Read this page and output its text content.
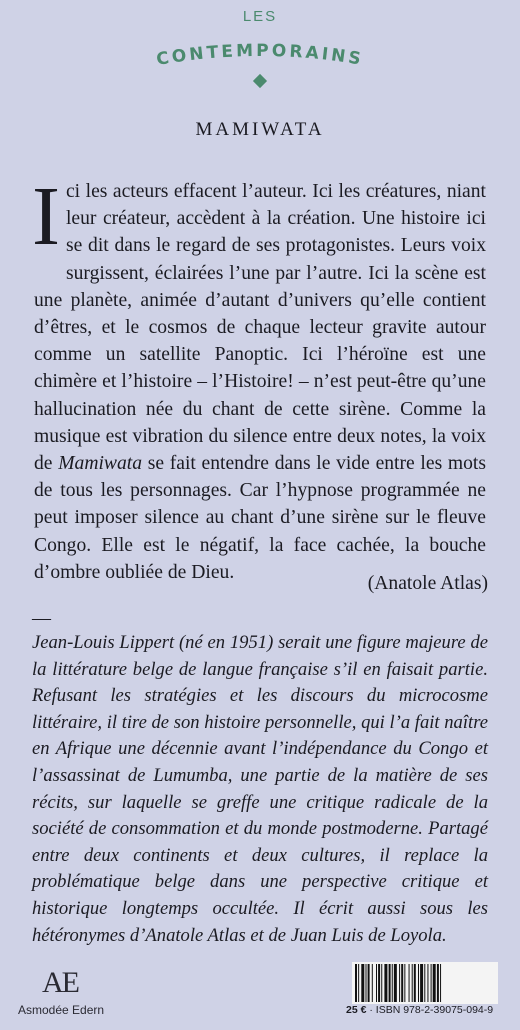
LES
CONTEMPORAINS
MAMIWATA

Ici les acteurs effacent l’auteur. Ici les créatures, niant leur créateur, accèdent à la création. Une histoire ici se dit dans le regard de ses protagonistes. Leurs voix surgissent, éclairées l’une par l’autre. Ici la scène est une planète, animée d’autant d’univers qu’elle contient d’êtres, et le cosmos de chaque lecteur gravite autour comme un satellite Panoptic. Ici l’héroïne est une chimère et l’histoire – l’Histoire! – n’est peut-être qu’une hallucination née du chant de cette sirène. Comme la musique est vibration du silence entre deux notes, la voix de Mamiwata se fait entendre dans le vide entre les mots de tous les personnages. Car l’hypnose programmée ne peut imposer silence au chant d’une sirène sur le fleuve Congo. Elle est le négatif, la face cachée, la bouche d’ombre oubliée de Dieu.

(Anatole Atlas)
—

Jean-Louis Lippert (né en 1951) serait une figure majeure de la littérature belge de langue française s’il en faisait partie. Refusant les stratégies et les discours du microcosme littéraire, il tire de son histoire personnelle, qui l’a fait naître en Afrique une décennie avant l’indépendance du Congo et l’assassinat de Lumumba, une partie de la matière de ses récits, sur laquelle se greffe une critique radicale de la société de consommation et du monde postmoderne. Partagé entre deux continents et deux cultures, il replace la problématique belge dans une perspective critique et historique longtemps occultée. Il écrit aussi sous les hétéronymes d’Anatole Atlas et de Juan Luis de Loyola.

AE
Asmodée Edern	25 € · ISBN 978-2-39075-094-9
